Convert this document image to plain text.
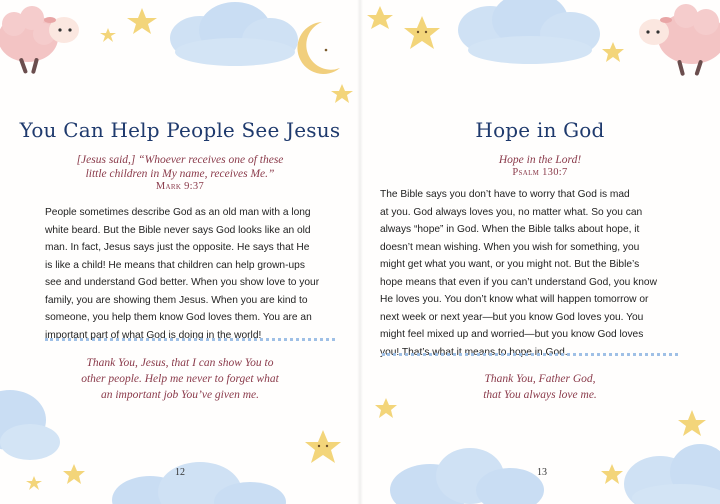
You Can Help People See Jesus
[Jesus said,] “Whoever receives one of these
little children in My name, receives Me.”
Mark 9:37
People sometimes describe God as an old man with a long
white beard. But the Bible never says God looks like an old
man. In fact, Jesus says just the opposite. He says that He
is like a child! He means that children can help grown-ups
see and understand God better. When you show love to your
family, you are showing them Jesus. When you are kind to
someone, you help them know God loves them. You are an
important part of what God is doing in the world!
Thank You, Jesus, that I can show You to
other people. Help me never to forget what
an important job You’ve given me.
12
Hope in God
Hope in the Lord!
Psalm 130:7
The Bible says you don’t have to worry that God is mad
at you. God always loves you, no matter what. So you can
always “hope” in God. When the Bible talks about hope, it
doesn’t mean wishing. When you wish for something, you
might get what you want, or you might not. But the Bible’s
hope means that even if you can’t understand God, you know
He loves you. You don’t know what will happen tomorrow or
next week or next year—but you know God loves you. You
might feel mixed up and worried—but you know God loves
you! That’s what it means to hope in God.
Thank You, Father God,
that You always love me.
13
